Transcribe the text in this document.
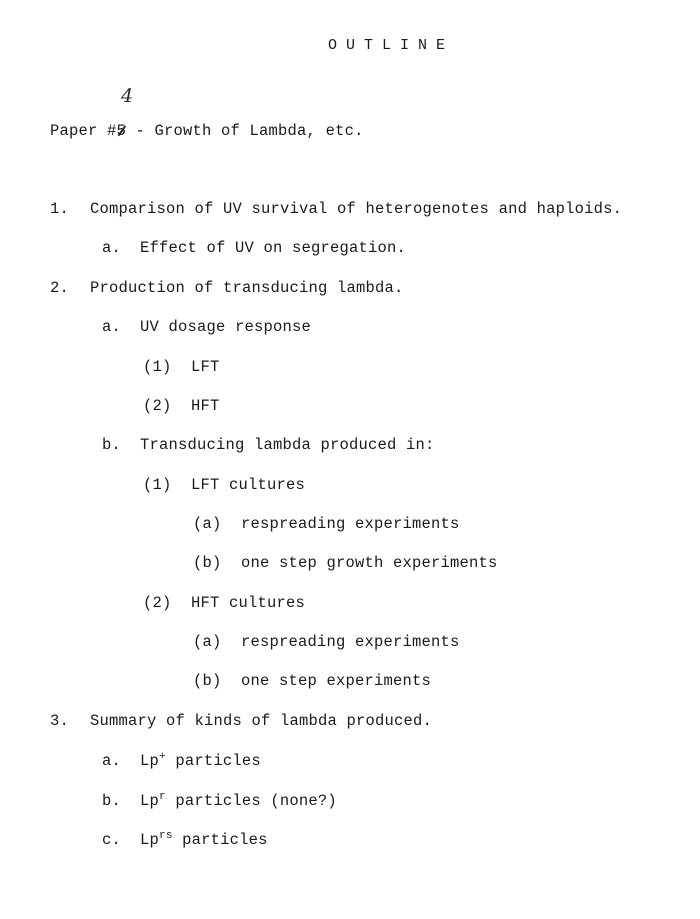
OUTLINE
4
Paper #5 - Growth of Lambda, etc.
1. Comparison of UV survival of heterogenotes and haploids.
a. Effect of UV on segregation.
2. Production of transducing lambda.
a. UV dosage response
(1) LFT
(2) HFT
b. Transducing lambda produced in:
(1) LFT cultures
(a) respreading experiments
(b) one step growth experiments
(2) HFT cultures
(a) respreading experiments
(b) one step experiments
3. Summary of kinds of lambda produced.
a. Lp+ particles
b. Lp$^r$ particles (none?)
c. $Lp^{rs}$ particles
